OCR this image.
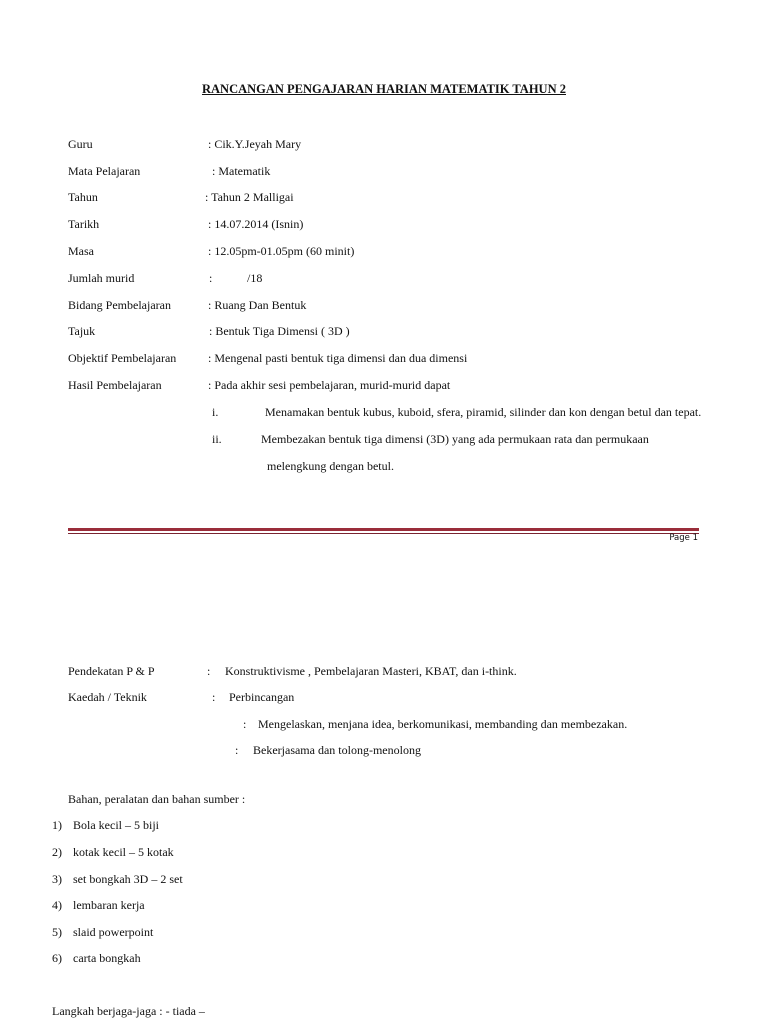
RANCANGAN PENGAJARAN HARIAN MATEMATIK TAHUN 2
Guru	: Cik.Y.Jeyah Mary
Mata Pelajaran	: Matematik
Tahun	: Tahun 2 Malligai
Tarikh	: 14.07.2014 (Isnin)
Masa	: 12.05pm-01.05pm (60 minit)
Jumlah murid	:	/18
Bidang Pembelajaran	: Ruang Dan Bentuk
Tajuk	: Bentuk Tiga Dimensi ( 3D )
Objektif Pembelajaran	: Mengenal pasti bentuk tiga dimensi dan dua dimensi
Hasil Pembelajaran	: Pada akhir sesi pembelajaran, murid-murid dapat
i.	Menamakan bentuk kubus, kuboid, sfera, piramid, silinder dan kon dengan betul dan tepat.
ii.	Membezakan bentuk tiga dimensi (3D) yang ada permukaan rata dan permukaan
melengkung dengan betul.
Page 1
Pendekatan P & P	: Konstruktivisme , Pembelajaran Masteri, KBAT, dan i-think.
Kaedah / Teknik	: Perbincangan
: Mengelaskan, menjana idea, berkomunikasi, membanding dan membezakan.
: Bekerjasama dan tolong-menolong
Bahan, peralatan dan bahan sumber :
1) Bola kecil – 5 biji
2) kotak kecil – 5 kotak
3) set bongkah 3D – 2 set
4) lembaran kerja
5) slaid powerpoint
6) carta bongkah
Langkah berjaga-jaga : - tiada –
